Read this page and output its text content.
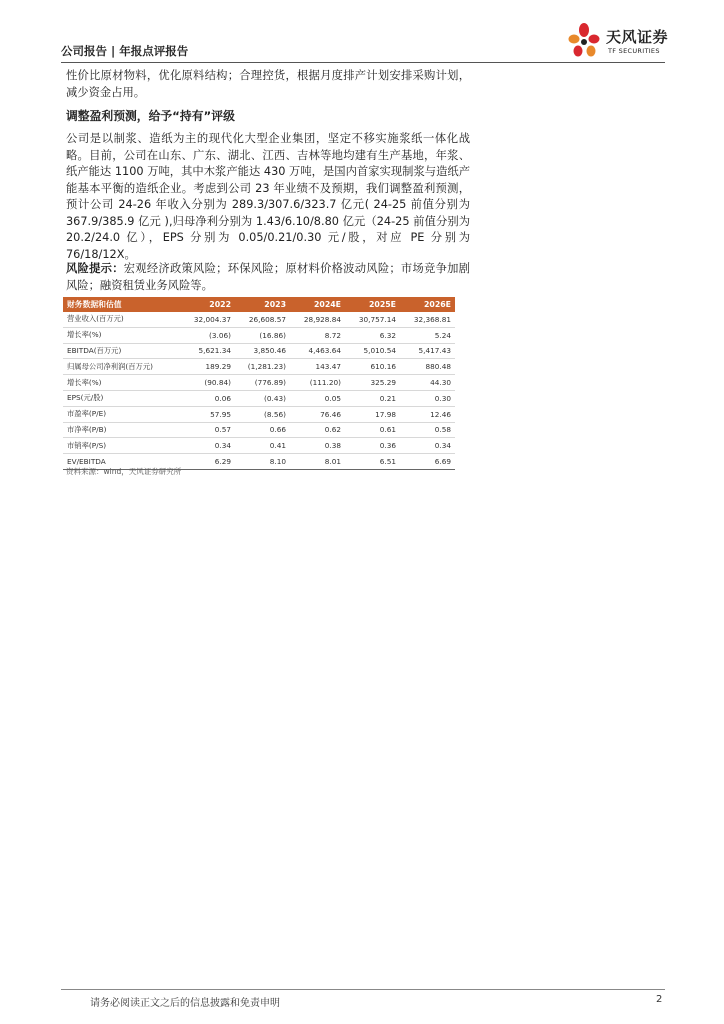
公司报告 | 年报点评报告
天风证券
TF SECURITIES

性价比原材物料，优化原料结构；合理控货，根据月度排产计划安排采购计划，减少资金占用。

调整盈利预测，给予“持有”评级

公司是以制浆、造纸为主的现代化大型企业集团，坚定不移实施浆纸一体化战略。目前，公司在山东、广东、湖北、江西、吉林等地均建有生产基地，年浆、纸产能达 1100 万吨，其中木浆产能达 430 万吨，是国内首家实现制浆与造纸产能基本平衡的造纸企业。考虑到公司 23 年业绩不及预期，我们调整盈利预测，预计公司 24-26 年收入分别为 289.3/307.6/323.7 亿元( 24-25 前值分别为 367.9/385.9 亿元 ),归母净利分别为 1.43/6.10/8.80 亿元（24-25 前值分别为 20.2/24.0 亿），EPS 分别为 0.05/0.21/0.30 元/股，对应 PE 分别为 76/18/12X。

风险提示：宏观经济政策风险；环保风险；原材料价格波动风险；市场竞争加剧风险；融资租赁业务风险等。

财务数据和估值	2022	2023	2024E	2025E	2026E
营业收入(百万元)	32,004.37	26,608.57	28,928.84	30,757.14	32,368.81
增长率(%)	(3.06)	(16.86)	8.72	6.32	5.24
EBITDA(百万元)	5,621.34	3,850.46	4,463.64	5,010.54	5,417.43
归属母公司净利润(百万元)	189.29	(1,281.23)	143.47	610.16	880.48
增长率(%)	(90.84)	(776.89)	(111.20)	325.29	44.30
EPS(元/股)	0.06	(0.43)	0.05	0.21	0.30
市盈率(P/E)	57.95	(8.56)	76.46	17.98	12.46
市净率(P/B)	0.57	0.66	0.62	0.61	0.58
市销率(P/S)	0.34	0.41	0.38	0.36	0.34
EV/EBITDA	6.29	8.10	8.01	6.51	6.69
资料来源：wind，天风证券研究所
请务必阅读正文之后的信息披露和免责申明	2
